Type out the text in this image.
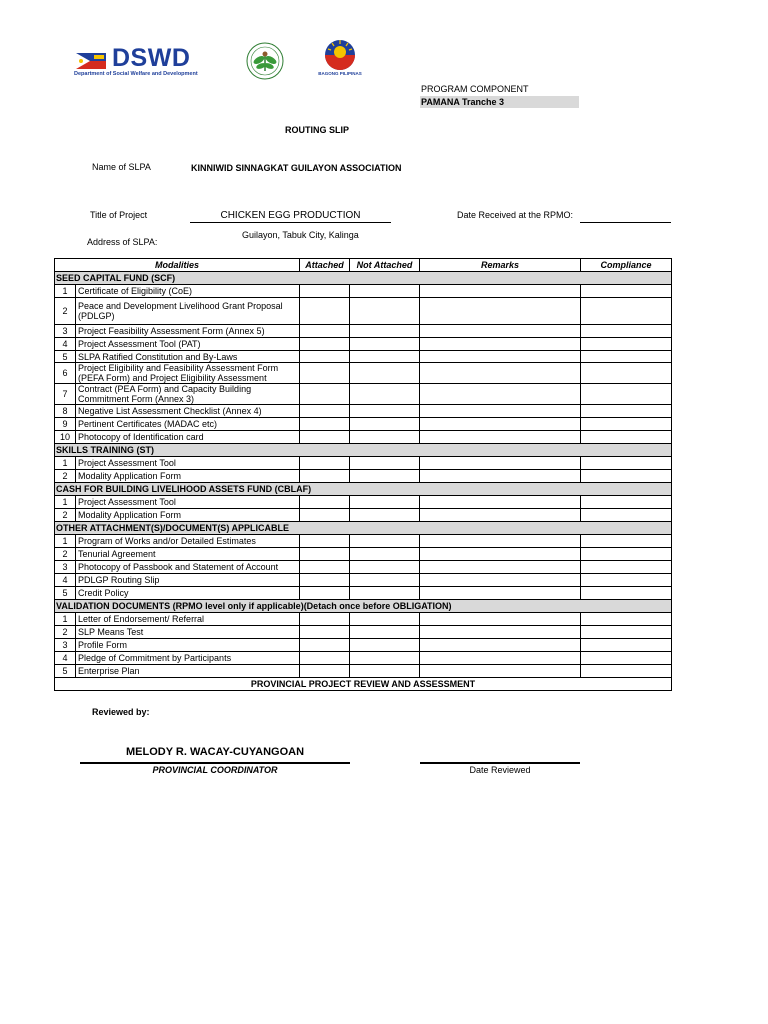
DSWD
Department of Social Welfare and Development	BAGONG PILIPINAS
PROGRAM COMPONENT
PAMANA Tranche 3
ROUTING SLIP
Name of SLPA	KINNIWID SINNAGKAT GUILAYON ASSOCIATION
Title of Project	CHICKEN EGG PRODUCTION
Guilayon, Tabuk City, Kalinga
Address of SLPA:
Date Received at the RPMO:
Modalities		Attached	Not Attached	Remarks	Compliance
SEED CAPITAL FUND (SCF)					
1	Certificate of Eligibility (CoE)				
2	Peace and Development Livelihood Grant Proposal (PDLGP)				
3	Project Feasibility Assessment Form (Annex 5)				
4	Project Assessment Tool (PAT)				
5	SLPA Ratified Constitution and By-Laws				
6	Project Eligibility and Feasibility Assessment Form (PEFA Form) and Project Eligibility Assessment				
7	Contract (PEA Form) and Capacity Building Commitment Form (Annex 3)				
8	Negative List Assessment Checklist (Annex 4)				
9	Pertinent Certificates (MADAC etc)				
10	Photocopy of Identification card				
SKILLS TRAINING (ST)					
1	Project Assessment Tool				
2	Modality Application Form				
CASH FOR BUILDING LIVELIHOOD ASSETS FUND (CBLAF)					
1	Project Assessment Tool				
2	Modality Application Form				
OTHER ATTACHMENT(S)/DOCUMENT(S) APPLICABLE					
1	Program of Works and/or Detailed Estimates				
2	Tenurial Agreement				
3	Photocopy of Passbook and Statement of Account				
4	PDLGP Routing Slip				
5	Credit Policy				
VALIDATION DOCUMENTS (RPMO level only if applicable)(Detach once before OBLIGATION)					
1	Letter of Endorsement/ Referral				
2	SLP Means Test				
3	Profile Form				
4	Pledge of Commitment by Participants				
5	Enterprise Plan				
PROVINCIAL PROJECT REVIEW AND ASSESSMENT					
Reviewed by:
MELODY R. WACAY-CUYANGOAN
PROVINCIAL COORDINATOR	Date Reviewed
